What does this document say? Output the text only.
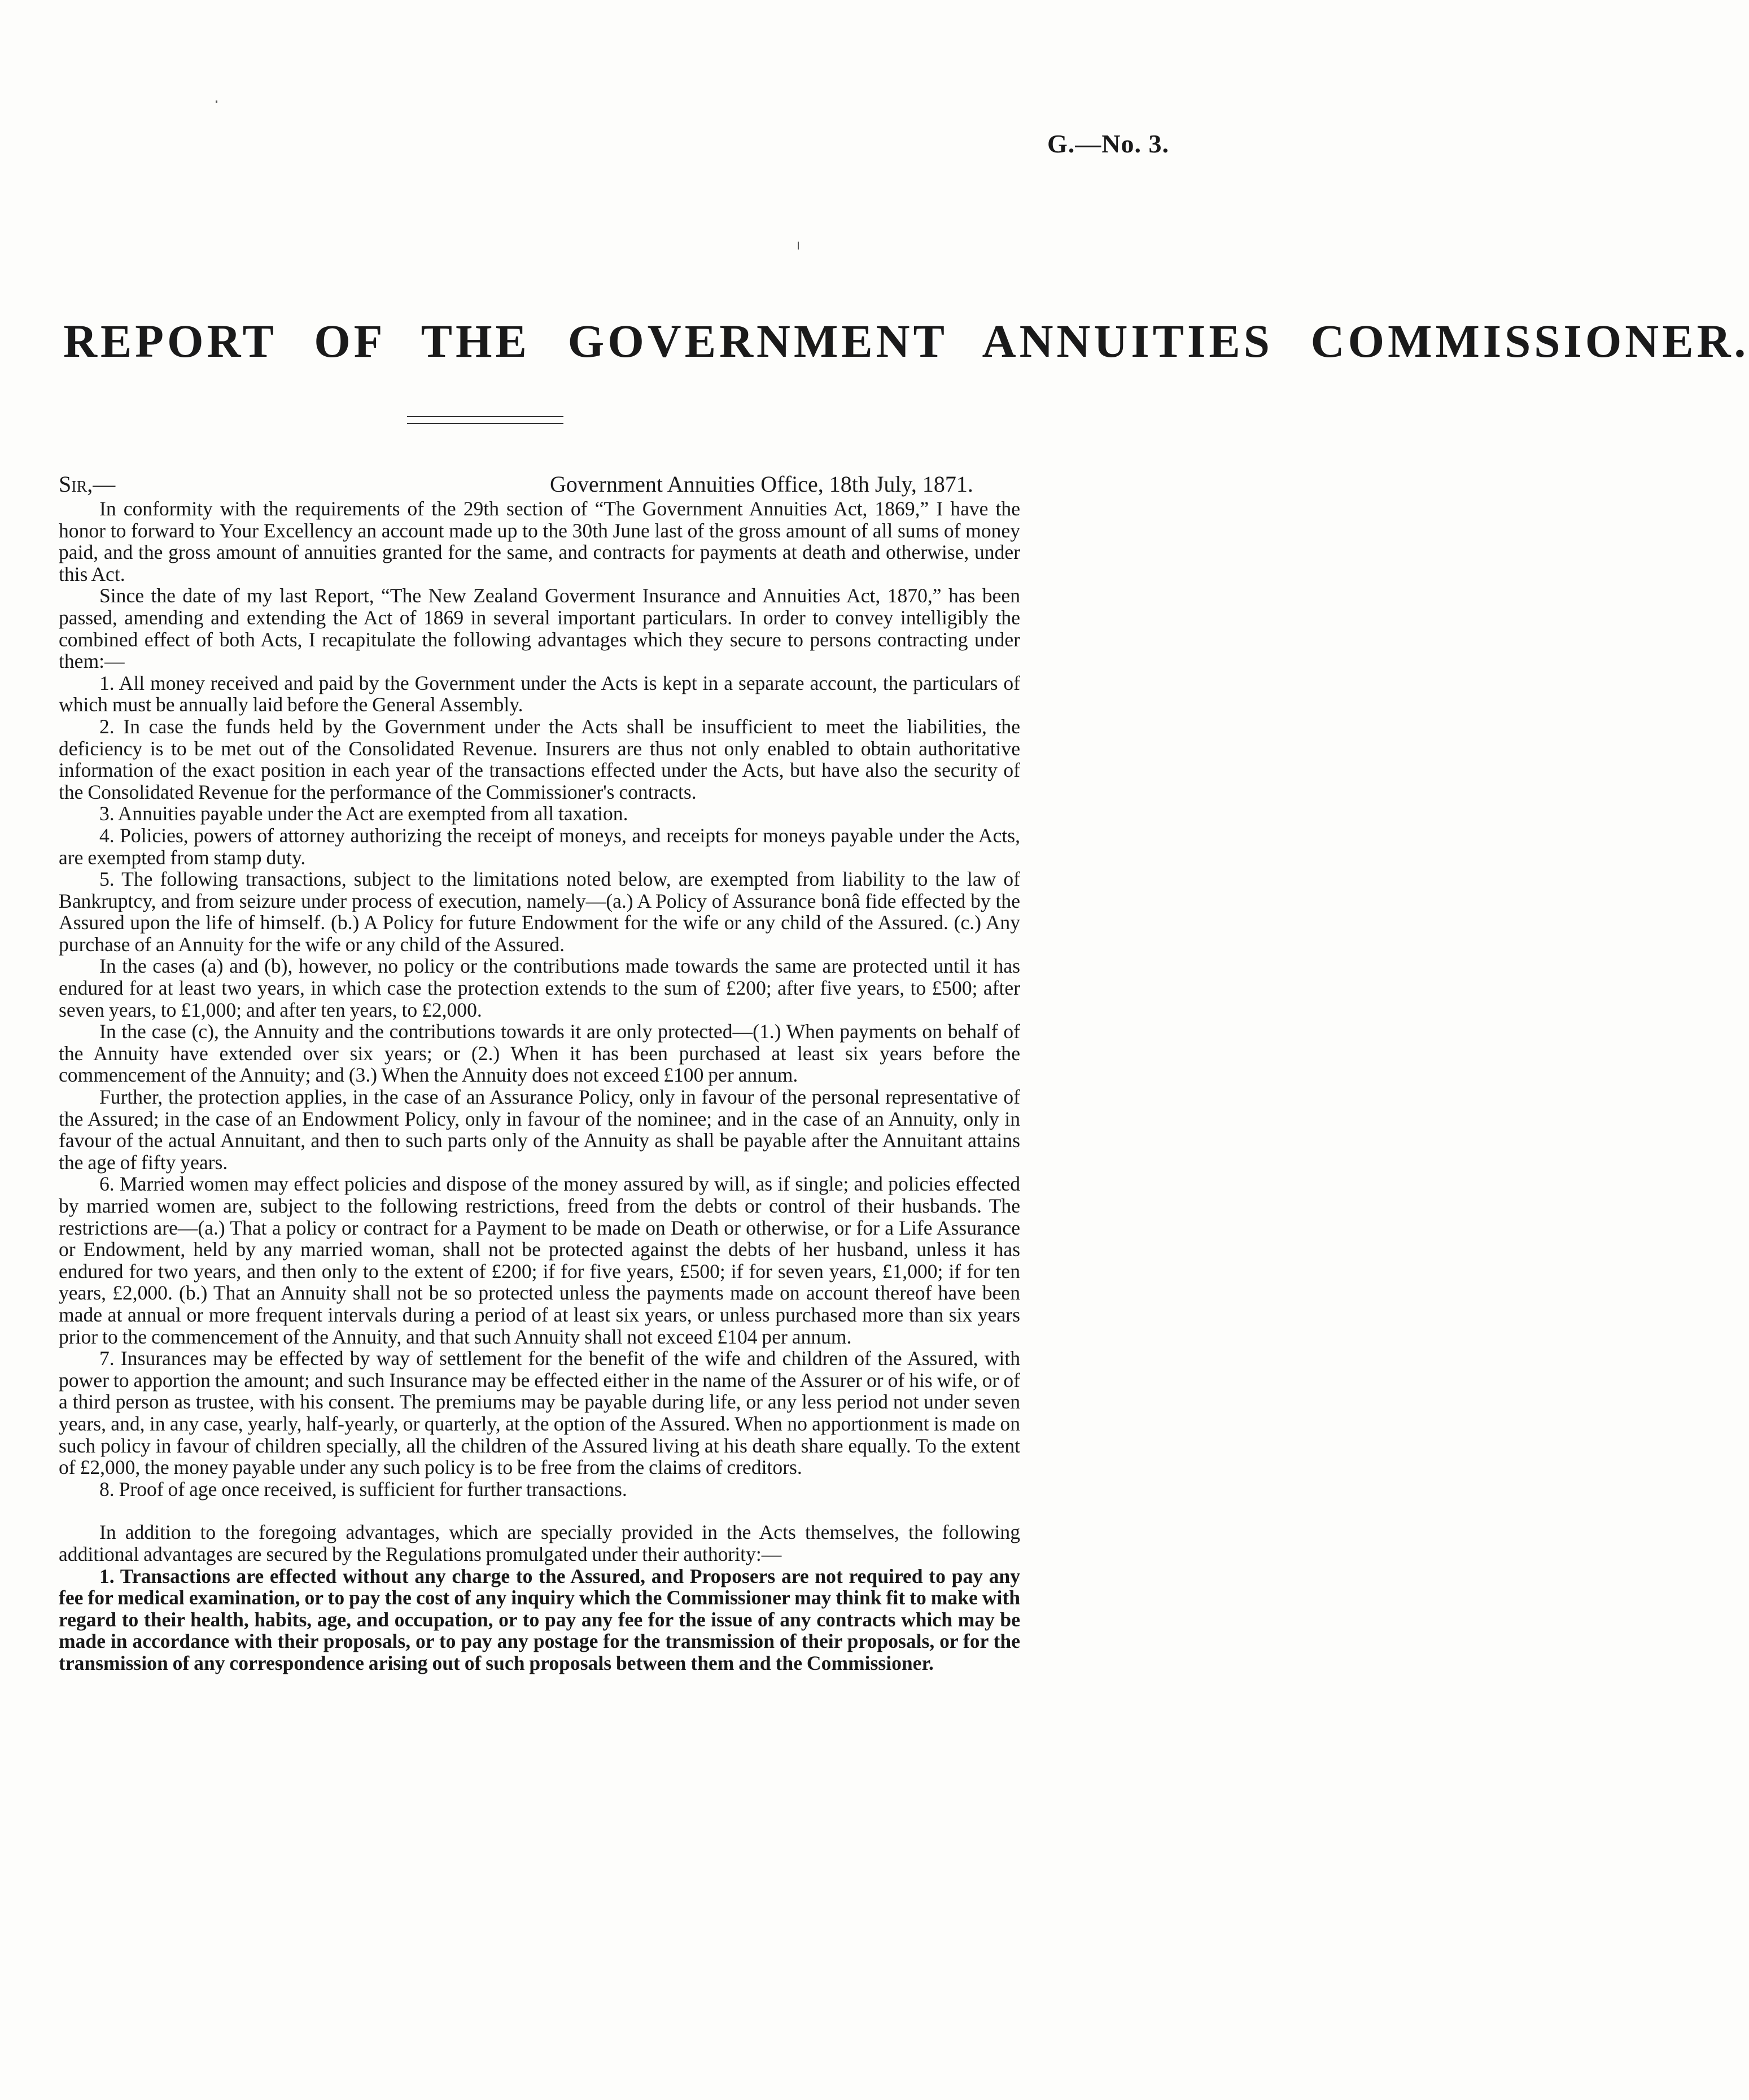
G.—No. 3.
REPORT OF THE GOVERNMENT ANNUITIES COMMISSIONER.
Sir,—	Government Annuities Office, 18th July, 1871.

In conformity with the requirements of the 29th section of “The Government Annuities Act, 1869,” I have the honor to forward to Your Excellency an account made up to the 30th June last of the gross amount of all sums of money paid, and the gross amount of annuities granted for the same, and contracts for payments at death and otherwise, under this Act.

Since the date of my last Report, “The New Zealand Goverment Insurance and Annuities Act, 1870,” has been passed, amending and extending the Act of 1869 in several important particulars. In order to convey intelligibly the combined effect of both Acts, I recapitulate the following advantages which they secure to persons contracting under them:—

1. All money received and paid by the Government under the Acts is kept in a separate account, the particulars of which must be annually laid before the General Assembly.

2. In case the funds held by the Government under the Acts shall be insufficient to meet the liabilities, the deficiency is to be met out of the Consolidated Revenue. Insurers are thus not only enabled to obtain authoritative information of the exact position in each year of the transactions effected under the Acts, but have also the security of the Consolidated Revenue for the performance of the Commissioner's contracts.

3. Annuities payable under the Act are exempted from all taxation.

4. Policies, powers of attorney authorizing the receipt of moneys, and receipts for moneys payable under the Acts, are exempted from stamp duty.

5. The following transactions, subject to the limitations noted below, are exempted from liability to the law of Bankruptcy, and from seizure under process of execution, namely—(a.) A Policy of Assurance bonâ fide effected by the Assured upon the life of himself. (b.) A Policy for future Endowment for the wife or any child of the Assured. (c.) Any purchase of an Annuity for the wife or any child of the Assured.

In the cases (a) and (b), however, no policy or the contributions made towards the same are protected until it has endured for at least two years, in which case the protection extends to the sum of £200; after five years, to £500; after seven years, to £1,000; and after ten years, to £2,000.

In the case (c), the Annuity and the contributions towards it are only protected—(1.) When payments on behalf of the Annuity have extended over six years; or (2.) When it has been purchased at least six years before the commencement of the Annuity; and (3.) When the Annuity does not exceed £100 per annum.

Further, the protection applies, in the case of an Assurance Policy, only in favour of the personal representative of the Assured; in the case of an Endowment Policy, only in favour of the nominee; and in the case of an Annuity, only in favour of the actual Annuitant, and then to such parts only of the Annuity as shall be payable after the Annuitant attains the age of fifty years.

6. Married women may effect policies and dispose of the money assured by will, as if single; and policies effected by married women are, subject to the following restrictions, freed from the debts or control of their husbands. The restrictions are—(a.) That a policy or contract for a Payment to be made on Death or otherwise, or for a Life Assurance or Endowment, held by any married woman, shall not be protected against the debts of her husband, unless it has endured for two years, and then only to the extent of £200; if for five years, £500; if for seven years, £1,000; if for ten years, £2,000. (b.) That an Annuity shall not be so protected unless the payments made on account thereof have been made at annual or more frequent intervals during a period of at least six years, or unless purchased more than six years prior to the commencement of the Annuity, and that such Annuity shall not exceed £104 per annum.

7. Insurances may be effected by way of settlement for the benefit of the wife and children of the Assured, with power to apportion the amount; and such Insurance may be effected either in the name of the Assurer or of his wife, or of a third person as trustee, with his consent. The premiums may be payable during life, or any less period not under seven years, and, in any case, yearly, half-yearly, or quarterly, at the option of the Assured. When no apportionment is made on such policy in favour of children specially, all the children of the Assured living at his death share equally. To the extent of £2,000, the money payable under any such policy is to be free from the claims of creditors.

8. Proof of age once received, is sufficient for further transactions.

In addition to the foregoing advantages, which are specially provided in the Acts themselves, the following additional advantages are secured by the Regulations promulgated under their authority:—

1. Transactions are effected without any charge to the Assured, and Proposers are not required to pay any fee for medical examination, or to pay the cost of any inquiry which the Commissioner may think fit to make with regard to their health, habits, age, and occupation, or to pay any fee for the issue of any contracts which may be made in accordance with their proposals, or to pay any postage for the transmission of their proposals, or for the transmission of any correspondence arising out of such proposals between them and the Commissioner.
